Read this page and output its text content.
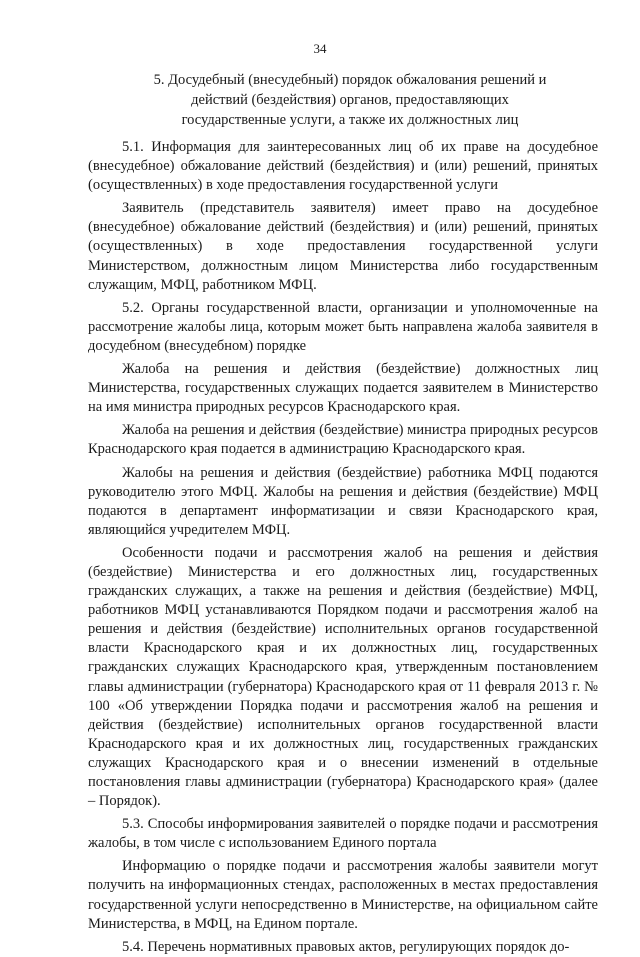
34
5. Досудебный (внесудебный) порядок обжалования решений и
действий (бездействия) органов, предоставляющих
государственные услуги, а также их должностных лиц

5.1. Информация для заинтересованных лиц об их праве на досудебное (внесудебное) обжалование действий (бездействия) и (или) решений, принятых (осуществленных) в ходе предоставления государственной услуги

Заявитель (представитель заявителя) имеет право на досудебное (внесудебное) обжалование действий (бездействия) и (или) решений, принятых (осуществленных) в ходе предоставления государственной услуги Министерством, должностным лицом Министерства либо государственным служащим, МФЦ, работником МФЦ.

5.2. Органы государственной власти, организации и уполномоченные на рассмотрение жалобы лица, которым может быть направлена жалоба заявителя в досудебном (внесудебном) порядке

Жалоба на решения и действия (бездействие) должностных лиц Министерства, государственных служащих подается заявителем в Министерство на имя министра природных ресурсов Краснодарского края.

Жалоба на решения и действия (бездействие) министра природных ресурсов Краснодарского края подается в администрацию Краснодарского края.

Жалобы на решения и действия (бездействие) работника МФЦ подаются руководителю этого МФЦ. Жалобы на решения и действия (бездействие) МФЦ подаются в департамент информатизации и связи Краснодарского края, являющийся учредителем МФЦ.

Особенности подачи и рассмотрения жалоб на решения и действия (бездействие) Министерства и его должностных лиц, государственных гражданских служащих, а также на решения и действия (бездействие) МФЦ, работников МФЦ устанавливаются Порядком подачи и рассмотрения жалоб на решения и действия (бездействие) исполнительных органов государственной власти Краснодарского края и их должностных лиц, государственных гражданских служащих Краснодарского края, утвержденным постановлением главы администрации (губернатора) Краснодарского края от 11 февраля 2013 г. № 100 «Об утверждении Порядка подачи и рассмотрения жалоб на решения и действия (бездействие) исполнительных органов государственной власти Краснодарского края и их должностных лиц, государственных гражданских служащих Краснодарского края и о внесении изменений в отдельные постановления главы администрации (губернатора) Краснодарского края» (далее – Порядок).

5.3. Способы информирования заявителей о порядке подачи и рассмотрения жалобы, в том числе с использованием Единого портала

Информацию о порядке подачи и рассмотрения жалобы заявители могут получить на информационных стендах, расположенных в местах предоставления государственной услуги непосредственно в Министерстве, на официальном сайте Министерства, в МФЦ, на Едином портале.

5.4. Перечень нормативных правовых актов, регулирующих порядок до-
